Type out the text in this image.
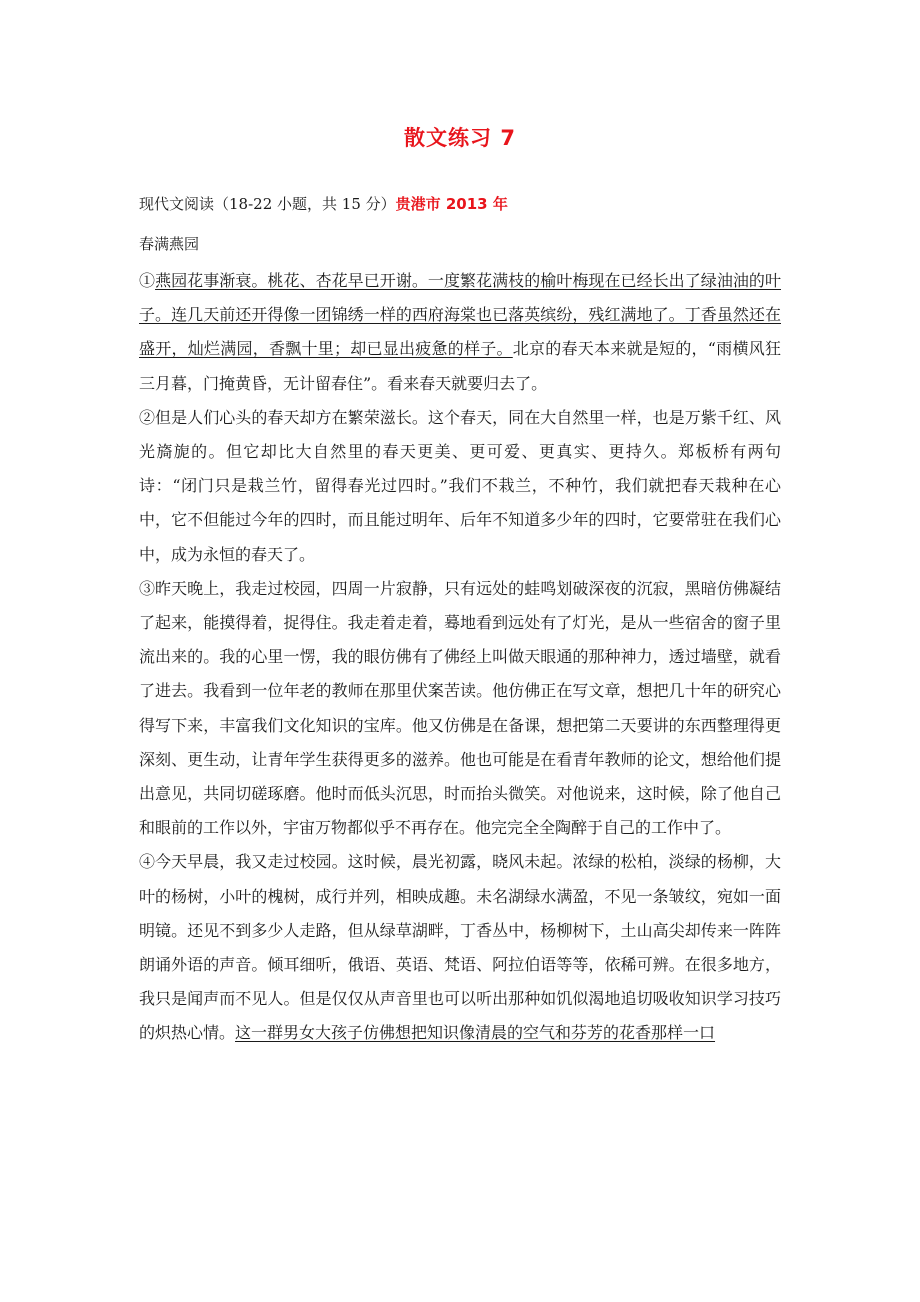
散文练习 7
现代文阅读（18-22 小题，共 15 分）贵港市 2013 年
春满燕园

①燕园花事渐衰。桃花、杏花早已开谢。一度繁花满枝的榆叶梅现在已经长出了绿油油的叶子。连几天前还开得像一团锦绣一样的西府海棠也已落英缤纷，残红满地了。丁香虽然还在盛开，灿烂满园，香飘十里；却已显出疲惫的样子。北京的春天本来就是短的，“雨横风狂三月暮，门掩黄昏，无计留春住”。看来春天就要归去了。

②但是人们心头的春天却方在繁荣滋长。这个春天，同在大自然里一样，也是万紫千红、风光旖旎的。但它却比大自然里的春天更美、更可爱、更真实、更持久。郑板桥有两句诗：“闭门只是栽兰竹，留得春光过四时。”我们不栽兰，不种竹，我们就把春天栽种在心中，它不但能过今年的四时，而且能过明年、后年不知道多少年的四时，它要常驻在我们心中，成为永恒的春天了。

③昨天晚上，我走过校园，四周一片寂静，只有远处的蛙鸣划破深夜的沉寂，黑暗仿佛凝结了起来，能摸得着，捉得住。我走着走着，蓦地看到远处有了灯光，是从一些宿舍的窗子里流出来的。我的心里一愣，我的眼仿佛有了佛经上叫做天眼通的那种神力，透过墙壁，就看了进去。我看到一位年老的教师在那里伏案苦读。他仿佛正在写文章，想把几十年的研究心得写下来，丰富我们文化知识的宝库。他又仿佛是在备课，想把第二天要讲的东西整理得更深刻、更生动，让青年学生获得更多的滋养。他也可能是在看青年教师的论文，想给他们提出意见，共同切磋琢磨。他时而低头沉思，时而抬头微笑。对他说来，这时候，除了他自己和眼前的工作以外，宇宙万物都似乎不再存在。他完完全全陶醉于自己的工作中了。

④今天早晨，我又走过校园。这时候，晨光初露，晓风未起。浓绿的松柏，淡绿的杨柳，大叶的杨树，小叶的槐树，成行并列，相映成趣。未名湖绿水满盈，不见一条皱纹，宛如一面明镜。还见不到多少人走路，但从绿草湖畔，丁香丛中，杨柳树下，土山高尖却传来一阵阵朗诵外语的声音。倾耳细听，俄语、英语、梵语、阿拉伯语等等，依稀可辨。在很多地方，我只是闻声而不见人。但是仅仅从声音里也可以听出那种如饥似渴地追切吸收知识学习技巧的炽热心情。这一群男女大孩子仿佛想把知识像清晨的空气和芬芳的花香那样一口
